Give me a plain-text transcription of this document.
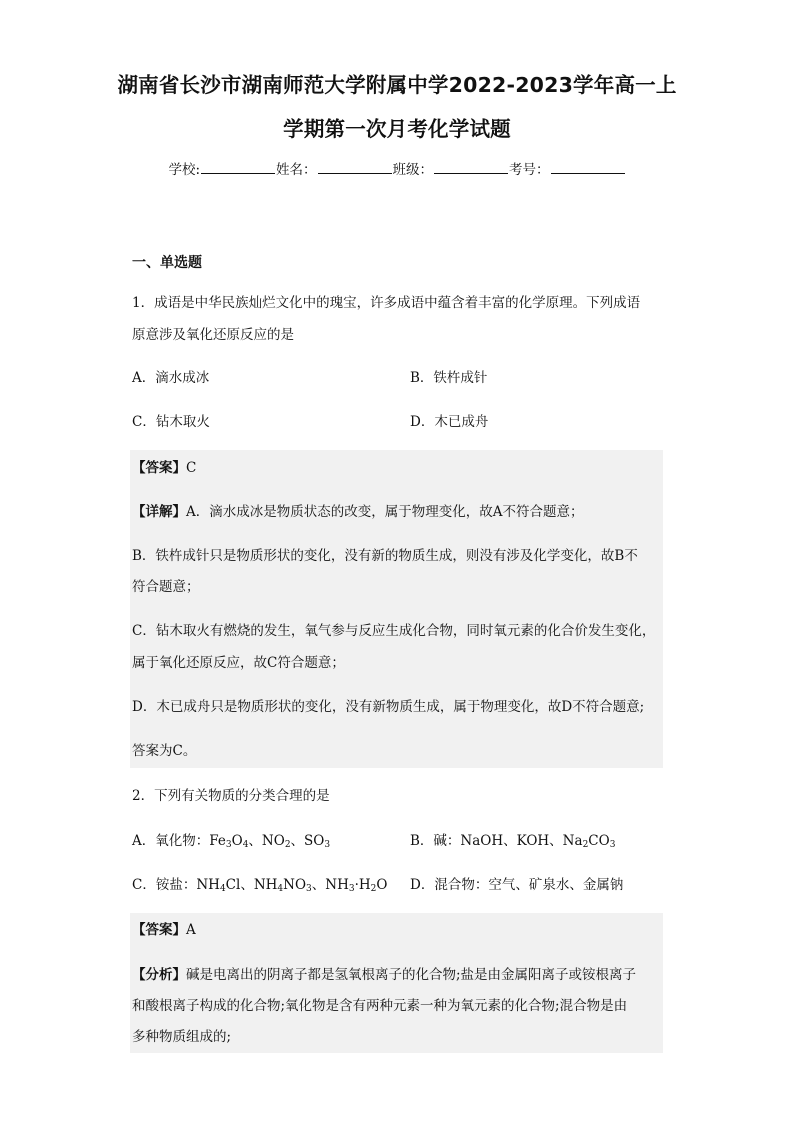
湖南省长沙市湖南师范大学附属中学2022-2023学年高一上
学期第一次月考化学试题
学校:	姓名：	班级：	考号：
一、单选题
1．成语是中华民族灿烂文化中的瑰宝，许多成语中蕴含着丰富的化学原理。下列成语
原意涉及氧化还原反应的是
A．滴水成冰	B．铁杵成针
C．钻木取火	D．木已成舟
【答案】C
【详解】A．滴水成冰是物质状态的改变，属于物理变化，故A不符合题意；
B．铁杵成针只是物质形状的变化，没有新的物质生成，则没有涉及化学变化，故B不
符合题意；
C．钻木取火有燃烧的发生，氧气参与反应生成化合物，同时氧元素的化合价发生变化，
属于氧化还原反应，故C符合题意；
D．木已成舟只是物质形状的变化，没有新物质生成，属于物理变化，故D不符合题意;
答案为C。
2．下列有关物质的分类合理的是
A．氧化物：$Fe_3O_4$、$NO_2$、$SO_3$	B．碱：NaOH、KOH、$Na_2CO_3$
C．铵盐：$NH_4Cl$、$NH_4NO_3$、$NH_3\cdot H_2O$ D．混合物：空气、矿泉水、金属钠
【答案】A
【分析】碱是电离出的阴离子都是氢氧根离子的化合物;盐是由金属阳离子或铵根离子
和酸根离子构成的化合物;氧化物是含有两种元素一种为氧元素的化合物;混合物是由
多种物质组成的;
